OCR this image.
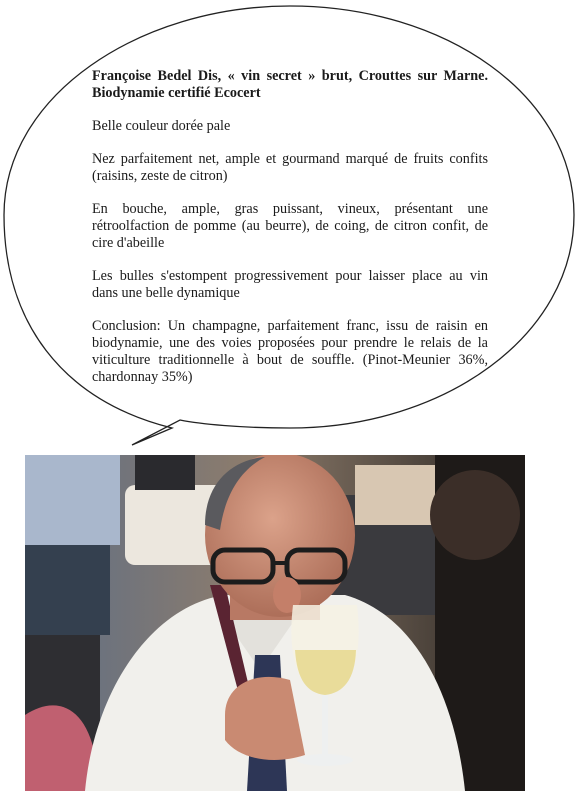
Françoise Bedel Dis, « vin secret » brut, Crouttes sur Marne. Biodynamie certifié Ecocert

Belle couleur dorée pale

Nez parfaitement net, ample et gourmand marqué de fruits confits (raisins, zeste de citron)

En bouche, ample, gras puissant, vineux, présentant une rétroolfaction de pomme (au beurre), de coing, de citron confit, de cire d'abeille

Les bulles s'estompent progressivement pour laisser place au vin dans une belle dynamique

Conclusion: Un champagne, parfaitement franc, issu de raisin en biodynamie, une des voies proposées pour prendre le relais de la viticulture traditionnelle à bout de souffle. (Pinot-Meunier 36%, chardonnay 35%)
